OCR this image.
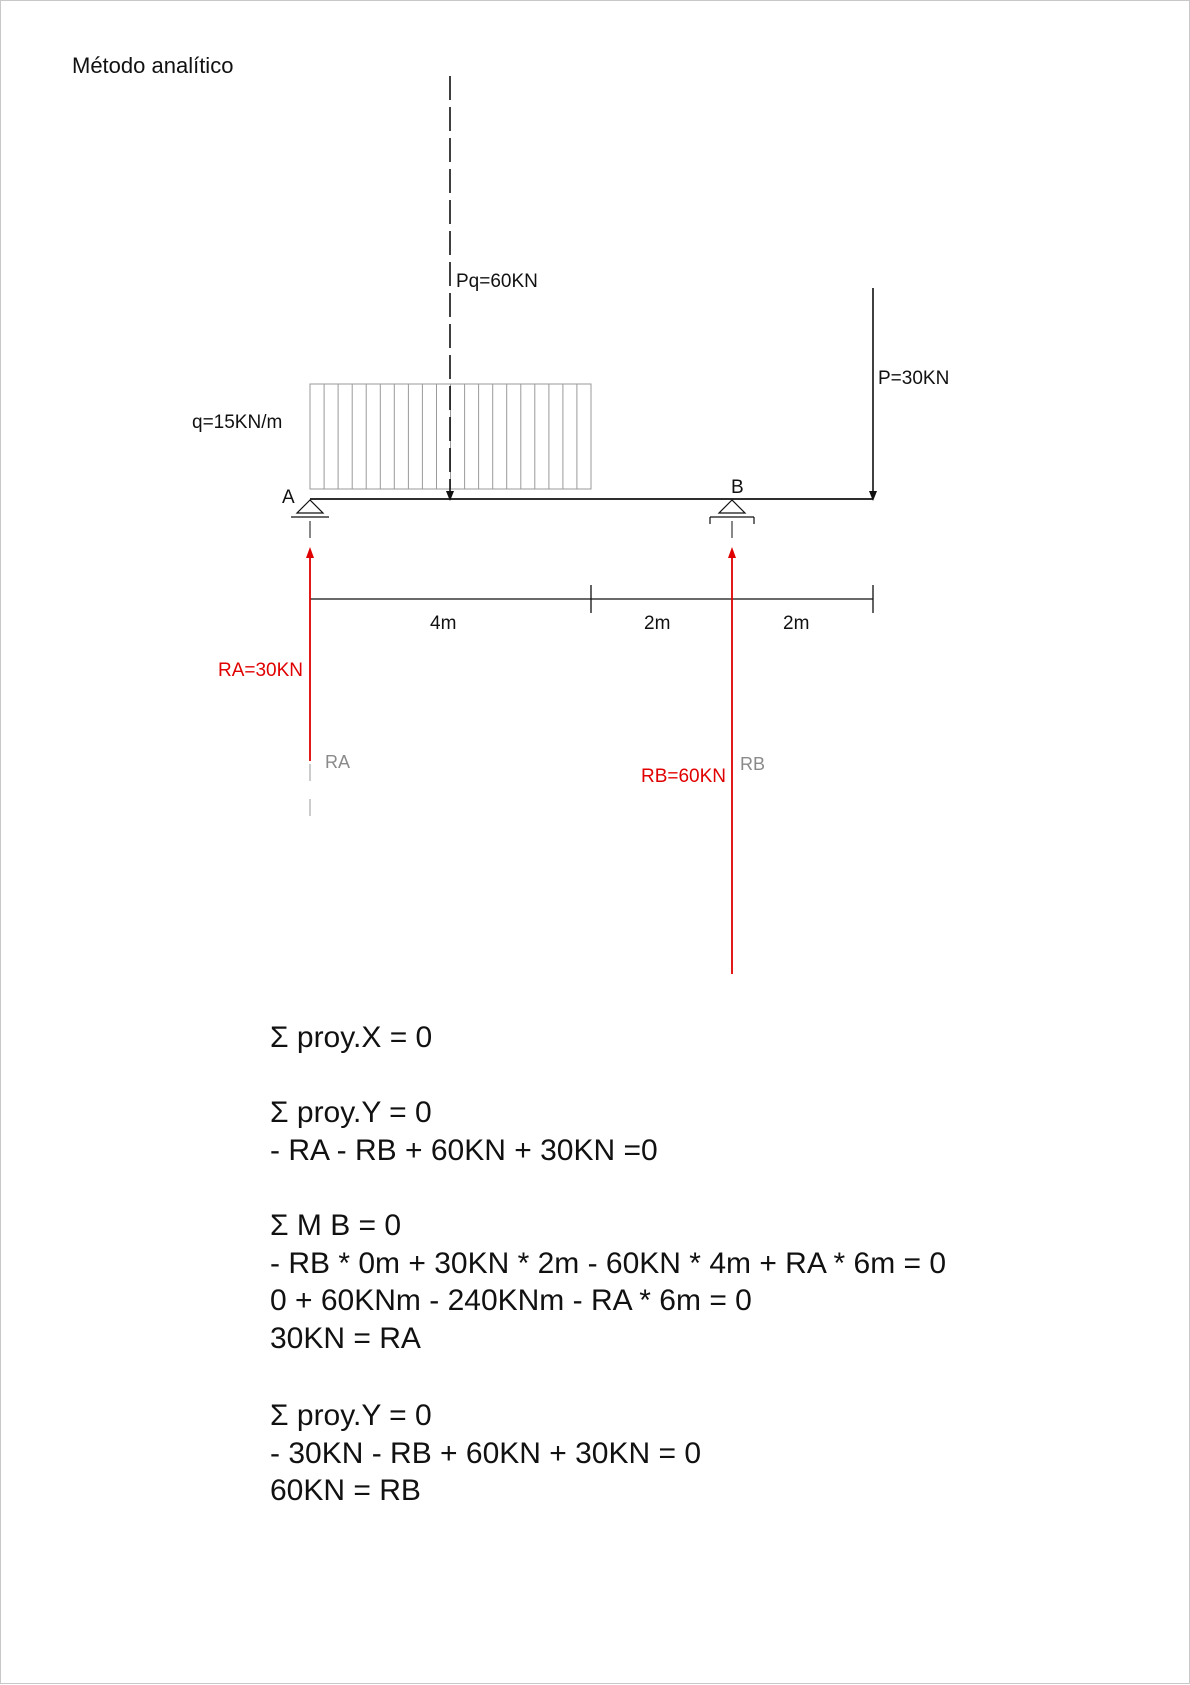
Método analítico
Pq=60KN
P=30KN
q=15KN/m
A	B
4m	2m	2m
RA=30KN
RA
RB=60KN
RB
Σ proy.X = 0
Σ proy.Y = 0
- RA - RB + 60KN + 30KN =0
Σ M B = 0
- RB * 0m + 30KN * 2m - 60KN * 4m + RA * 6m = 0
0 + 60KNm - 240KNm - RA * 6m = 0
30KN = RA
Σ proy.Y = 0
- 30KN - RB + 60KN + 30KN = 0
60KN = RB
